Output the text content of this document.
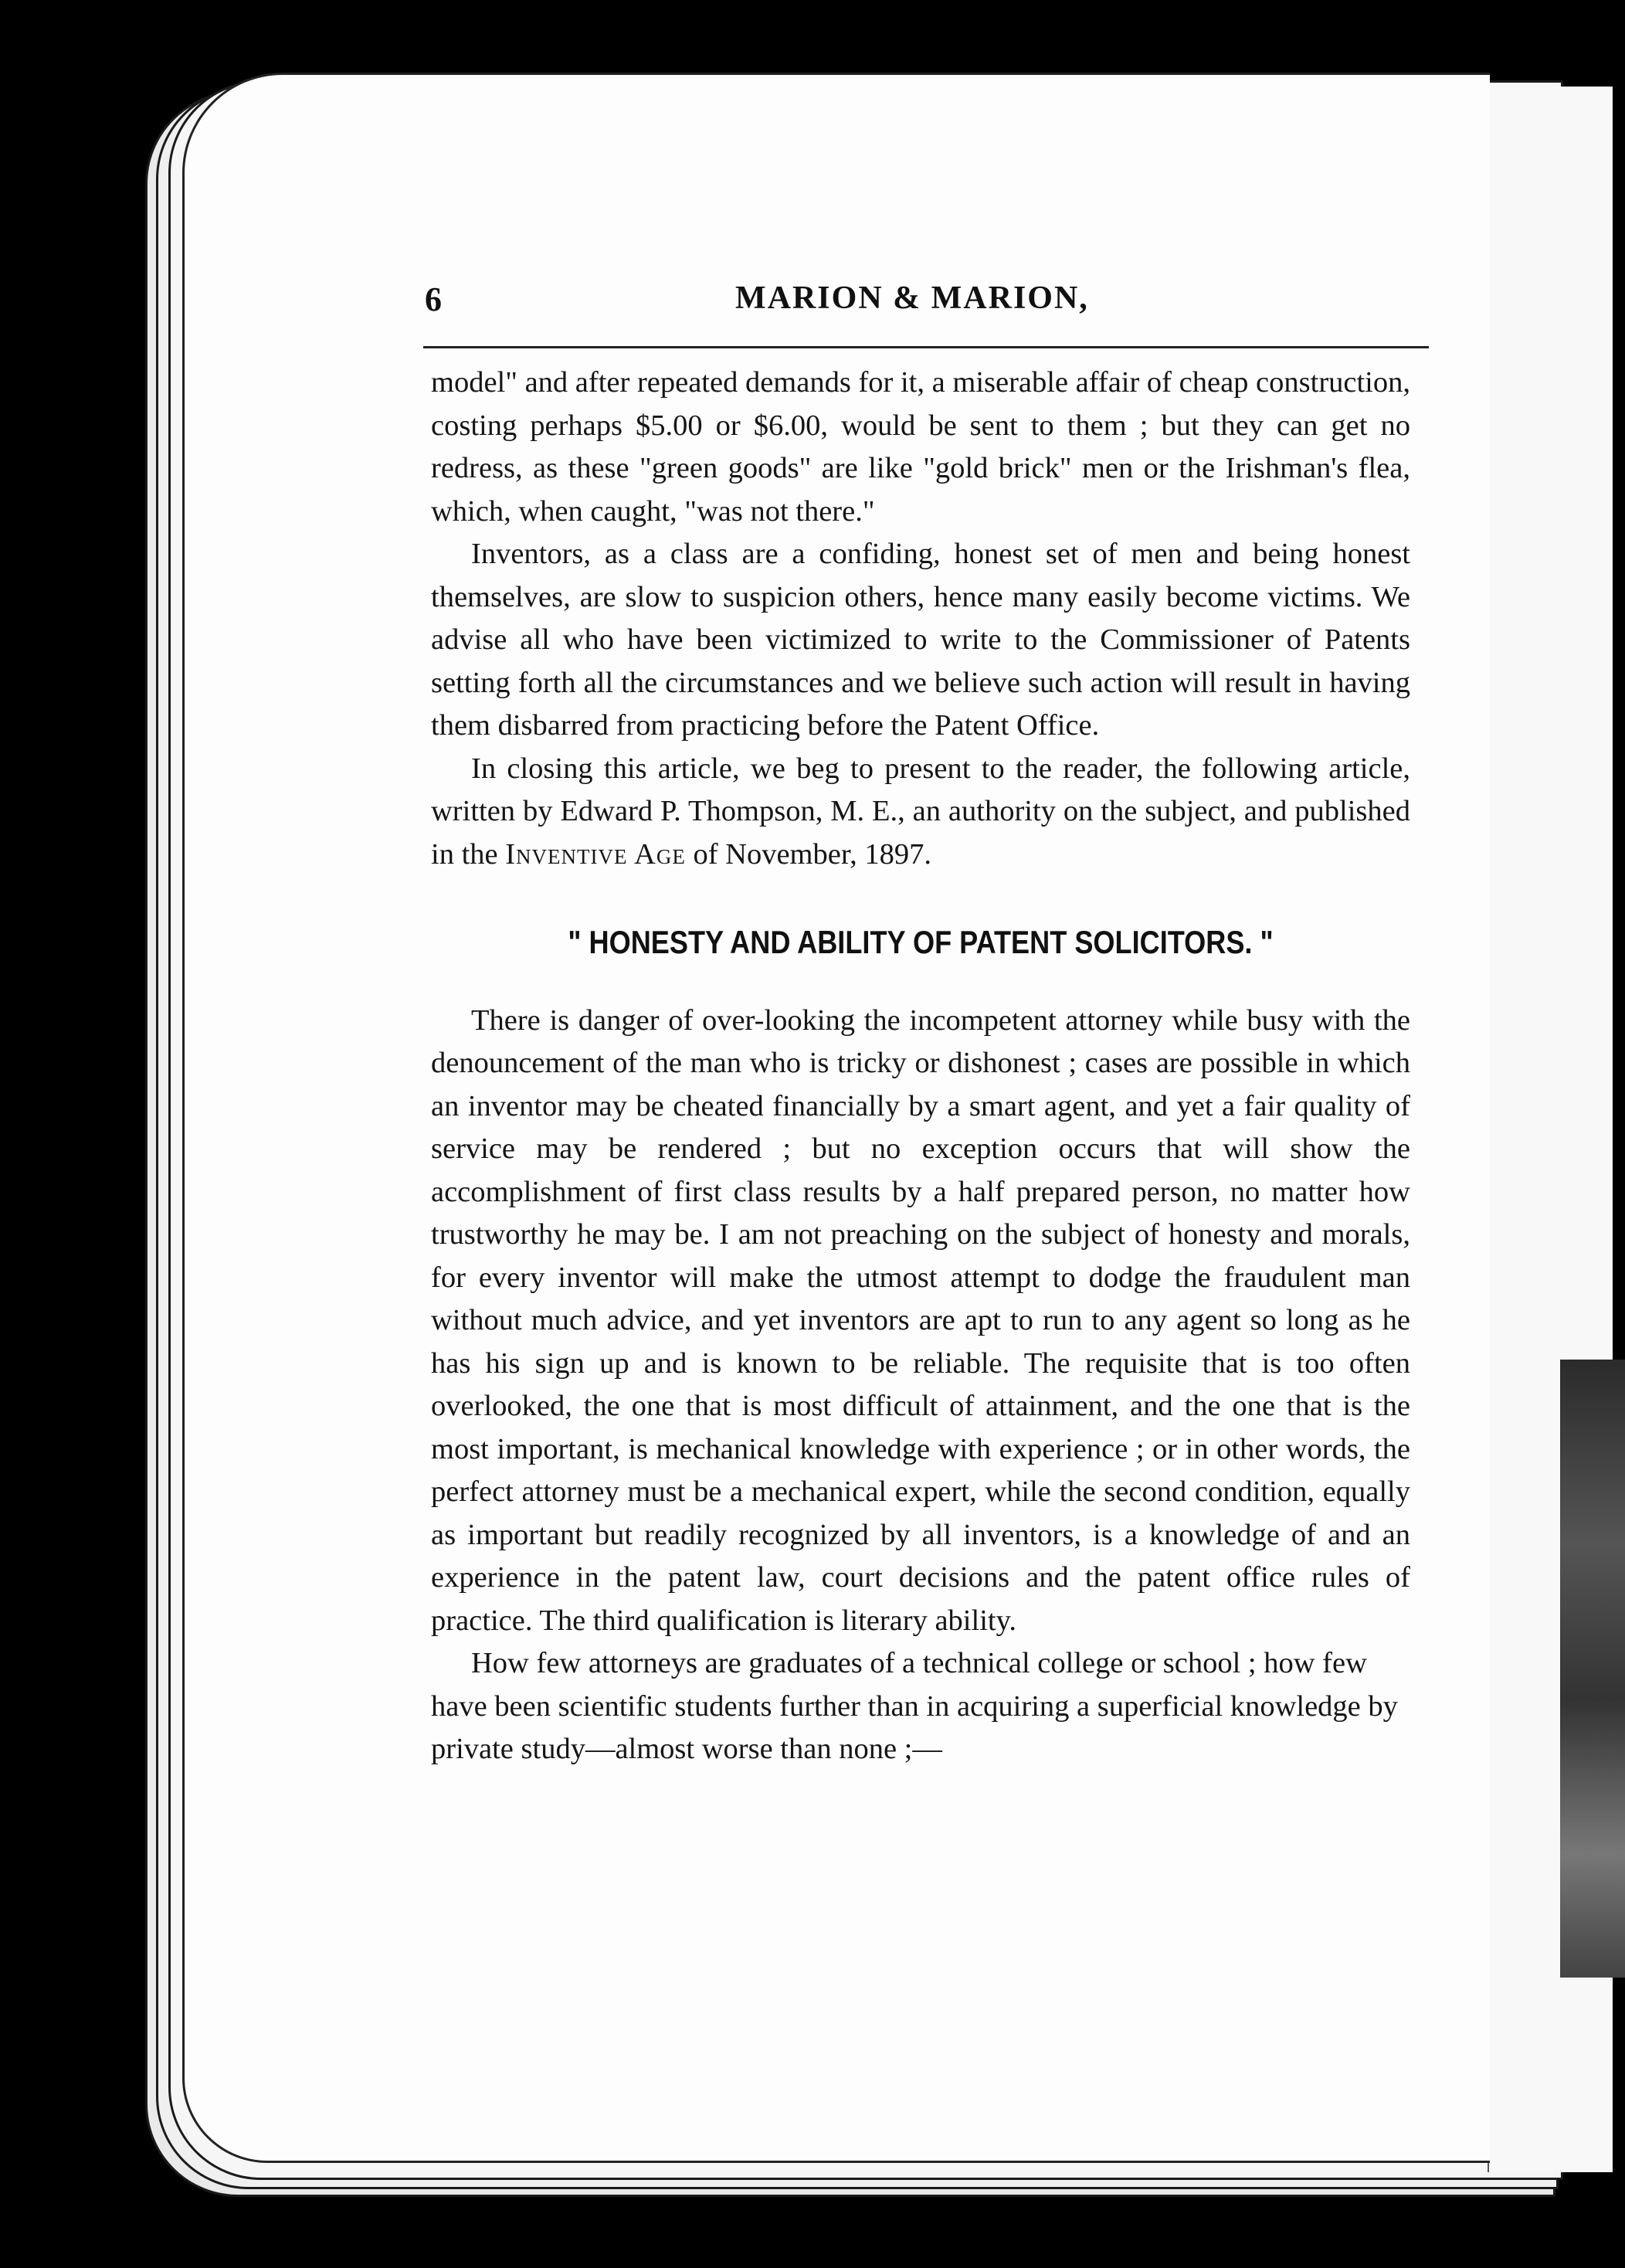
6	MARION & MARION,

model" and after repeated demands for it, a miserable affair of cheap construction, costing perhaps $5.00 or $6.00, would be sent to them ; but they can get no redress, as these "green goods" are like "gold brick" men or the Irishman's flea, which, when caught, "was not there."

Inventors, as a class are a confiding, honest set of men and being honest themselves, are slow to suspicion others, hence many easily become victims. We advise all who have been victimized to write to the Commissioner of Patents setting forth all the circumstances and we believe such action will result in having them disbarred from practicing before the Patent Office.

In closing this article, we beg to present to the reader, the following article, written by Edward P. Thompson, M. E., an authority on the subject, and published in the Inventive Age of November, 1897.

" HONESTY AND ABILITY OF PATENT SOLICITORS. "

There is danger of over-looking the incompetent attorney while busy with the denouncement of the man who is tricky or dishonest ; cases are possible in which an inventor may be cheated financially by a smart agent, and yet a fair quality of service may be rendered ; but no exception occurs that will show the accomplishment of first class results by a half prepared person, no matter how trustworthy he may be. I am not preaching on the subject of honesty and morals, for every inventor will make the utmost attempt to dodge the fraudulent man without much advice, and yet inventors are apt to run to any agent so long as he has his sign up and is known to be reliable. The requisite that is too often overlooked, the one that is most difficult of attainment, and the one that is the most important, is mechanical knowledge with experience ; or in other words, the perfect attorney must be a mechanical expert, while the second condition, equally as important but readily recognized by all inventors, is a knowledge of and an experience in the patent law, court decisions and the patent office rules of practice. The third qualification is literary ability.

How few attorneys are graduates of a technical college or school ; how few have been scientific students further than in acquiring a superficial knowledge by private study—almost worse than none ;—
